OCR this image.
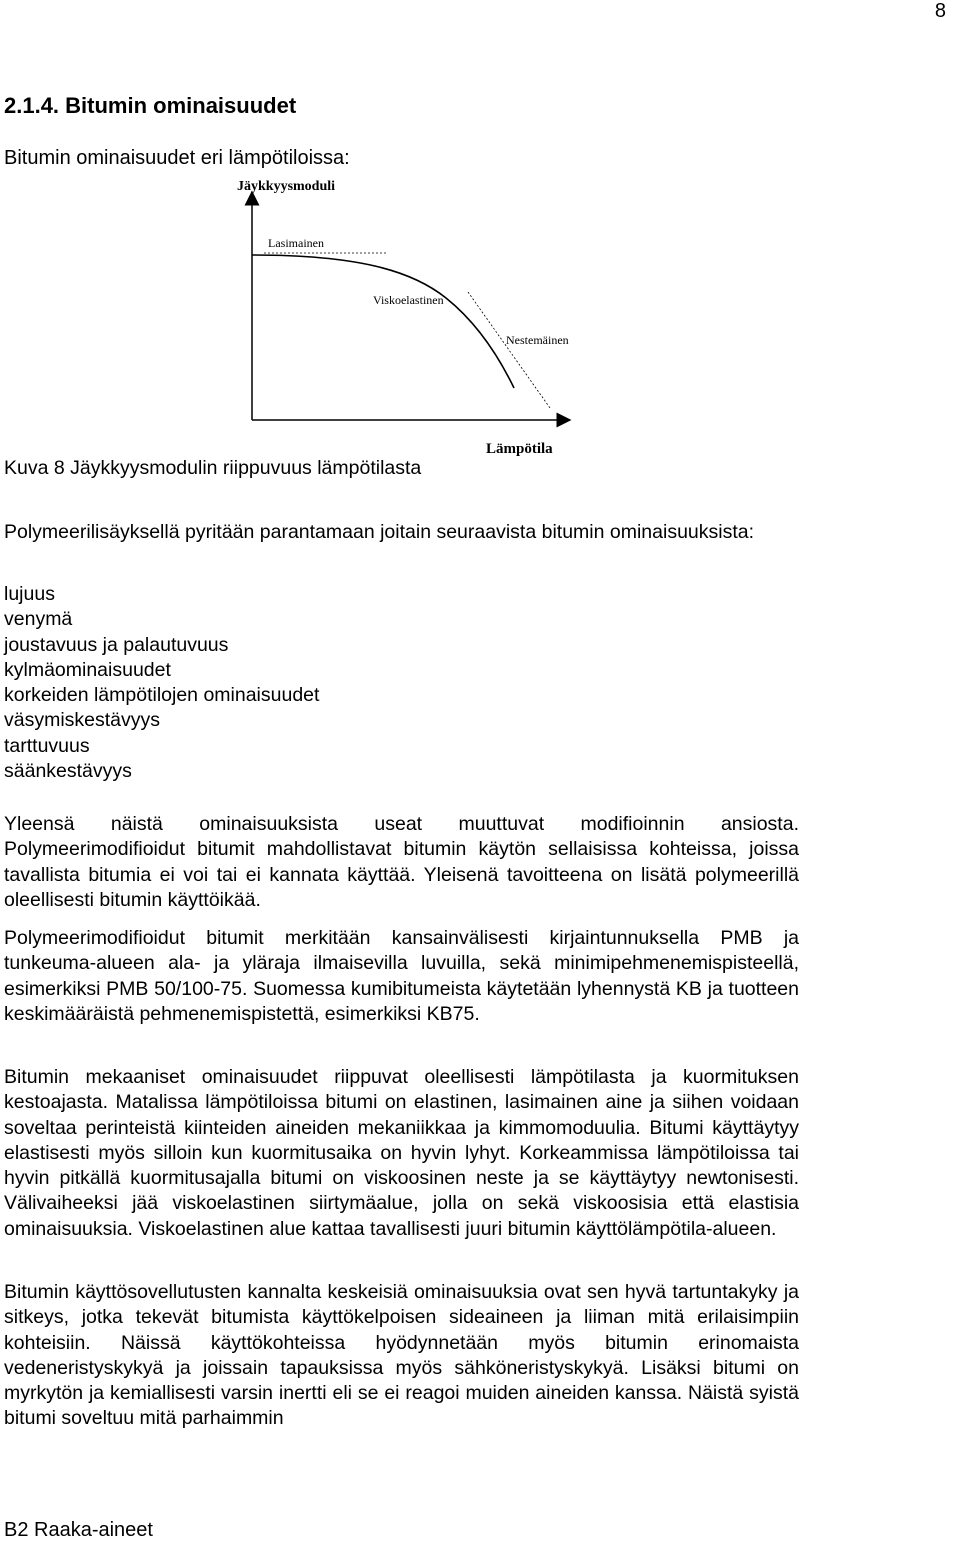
8
2.1.4. Bitumin ominaisuudet
Bitumin ominaisuudet eri lämpötiloissa:
Jäykkyysmoduli
Lämpötila
Lasimainen
Viskoelastinen
Nestemäinen
Kuva 8 Jäykkyysmodulin riippuvuus lämpötilasta

Polymeerilisäyksellä pyritään parantamaan joitain seuraavista bitumin ominaisuuksista:

lujuus
venymä
joustavuus ja palautuvuus
kylmäominaisuudet
korkeiden lämpötilojen ominaisuudet
väsymiskestävyys
tarttuvuus
säänkestävyys

Yleensä näistä ominaisuuksista useat muuttuvat modifioinnin ansiosta. Polymeerimodifioidut bitumit mahdollistavat bitumin käytön sellaisissa kohteissa, joissa tavallista bitumia ei voi tai ei kannata käyttää. Yleisenä tavoitteena on lisätä polymeerillä oleellisesti bitumin käyttöikää.

Polymeerimodifioidut bitumit merkitään kansainvälisesti kirjaintunnuksella PMB ja tunkeuma-alueen ala- ja yläraja ilmaisevilla luvuilla, sekä minimipehmenemispisteellä, esimerkiksi PMB 50/100-75. Suomessa kumibitumeista käytetään lyhennystä KB ja tuotteen keskimääräistä pehmenemispistettä, esimerkiksi KB75.

Bitumin mekaaniset ominaisuudet riippuvat oleellisesti lämpötilasta ja kuormituksen kestoajasta. Matalissa lämpötiloissa bitumi on elastinen, lasimainen aine ja siihen voidaan soveltaa perinteistä kiinteiden aineiden mekaniikkaa ja kimmomoduulia. Bitumi käyttäytyy elastisesti myös silloin kun kuormitusaika on hyvin lyhyt. Korkeammissa lämpötiloissa tai hyvin pitkällä kuormitusajalla bitumi on viskoosinen neste ja se käyttäytyy newtonisesti. Välivaiheeksi jää viskoelastinen siirtymäalue, jolla on sekä viskoosisia että elastisia ominaisuuksia. Viskoelastinen alue kattaa tavallisesti juuri bitumin käyttölämpötila-alueen.

Bitumin käyttösovellutusten kannalta keskeisiä ominaisuuksia ovat sen hyvä tartuntakyky ja sitkeys, jotka tekevät bitumista käyttökelpoisen sideaineen ja liiman mitä erilaisimpiin kohteisiin. Näissä käyttökohteissa hyödynnetään myös bitumin erinomaista vedeneristyskykyä ja joissain tapauksissa myös sähköneristyskykyä. Lisäksi bitumi on myrkytön ja kemiallisesti varsin inertti eli se ei reagoi muiden aineiden kanssa. Näistä syistä bitumi soveltuu mitä parhaimmin

B2 Raaka-aineet
